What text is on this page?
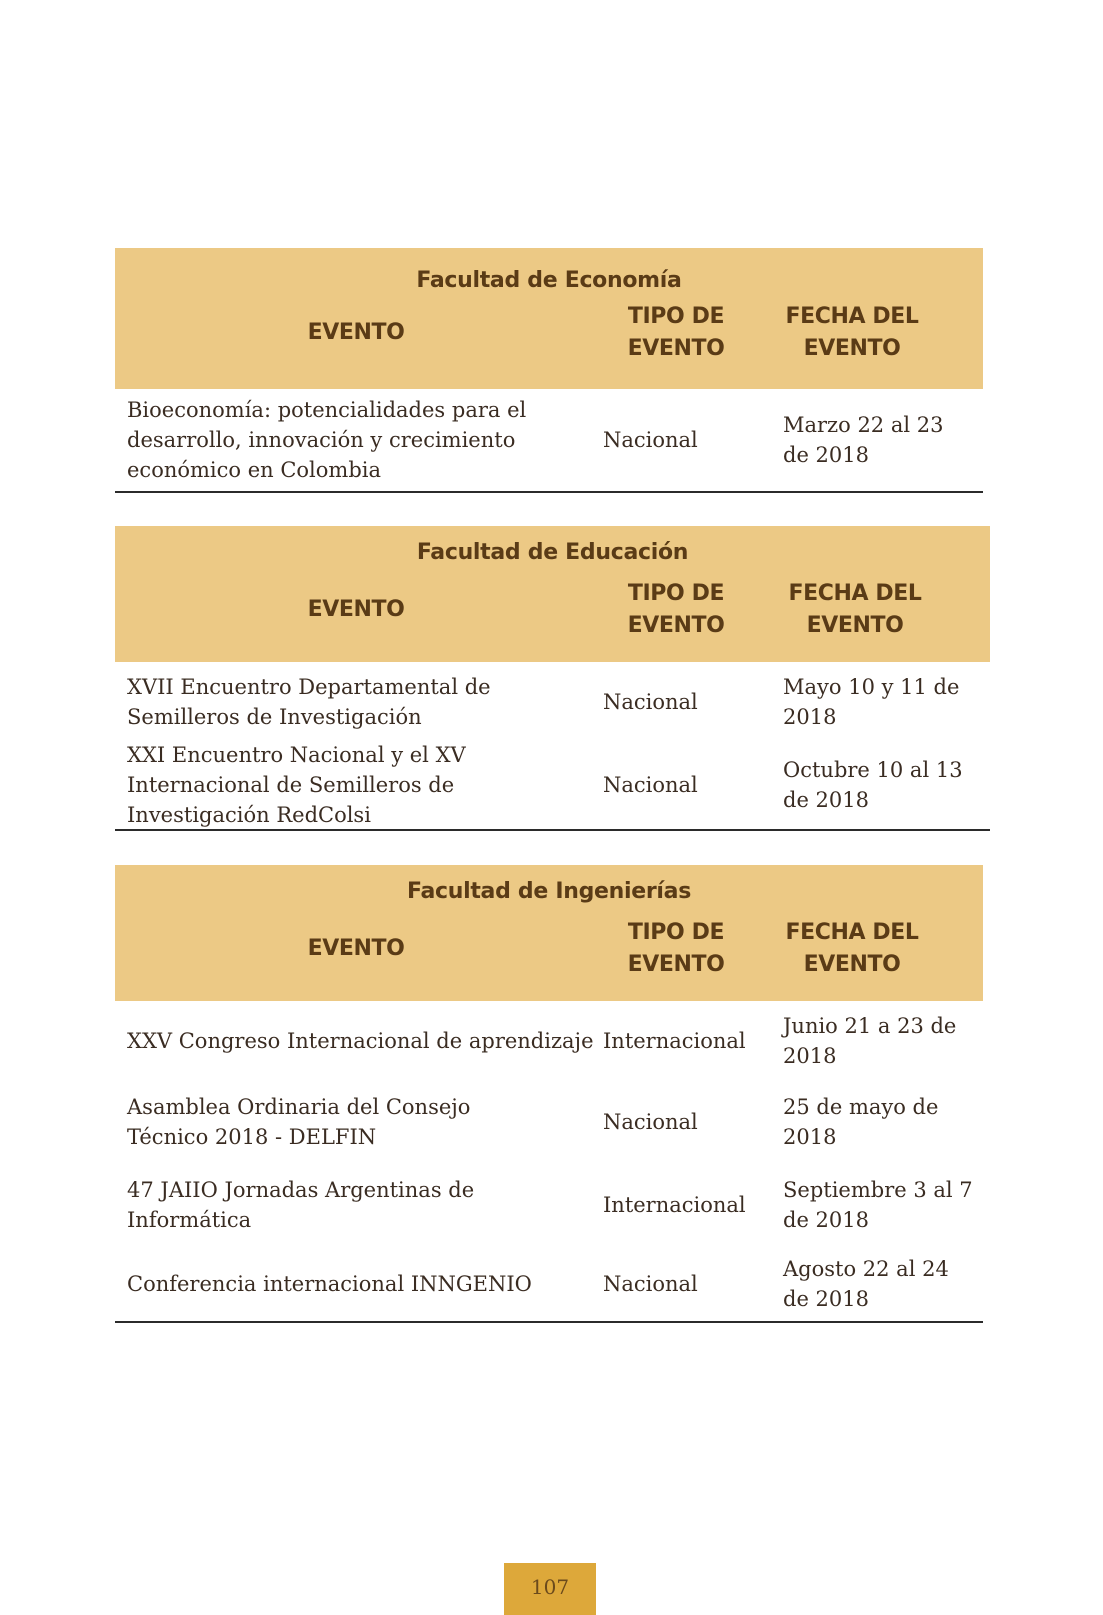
Facultad de Economía
EVENTO
TIPO DE EVENTO
FECHA DEL EVENTO
Bioeconomía: potencialidades para el desarrollo, innovación y crecimiento económico en Colombia
Nacional
Marzo 22 al 23 de 2018
Facultad de Educación
EVENTO
TIPO DE EVENTO
FECHA DEL EVENTO
XVII Encuentro Departamental de Semilleros de Investigación
Nacional
Mayo 10 y 11 de 2018
XXI Encuentro Nacional y el XV Internacional de Semilleros de Investigación RedColsi
Nacional
Octubre 10 al 13 de 2018
Facultad de Ingenierías
EVENTO
TIPO DE EVENTO
FECHA DEL EVENTO
XXV Congreso Internacional de aprendizaje Internacional
Junio 21 a 23 de 2018
Asamblea Ordinaria del Consejo Técnico 2018 - DELFIN
Nacional
25 de mayo de 2018
47 JAIIO Jornadas Argentinas de Informática
Internacional
Septiembre 3 al 7 de 2018
Conferencia internacional INNGENIO	Nacional
Agosto 22 al 24 de 2018
107
